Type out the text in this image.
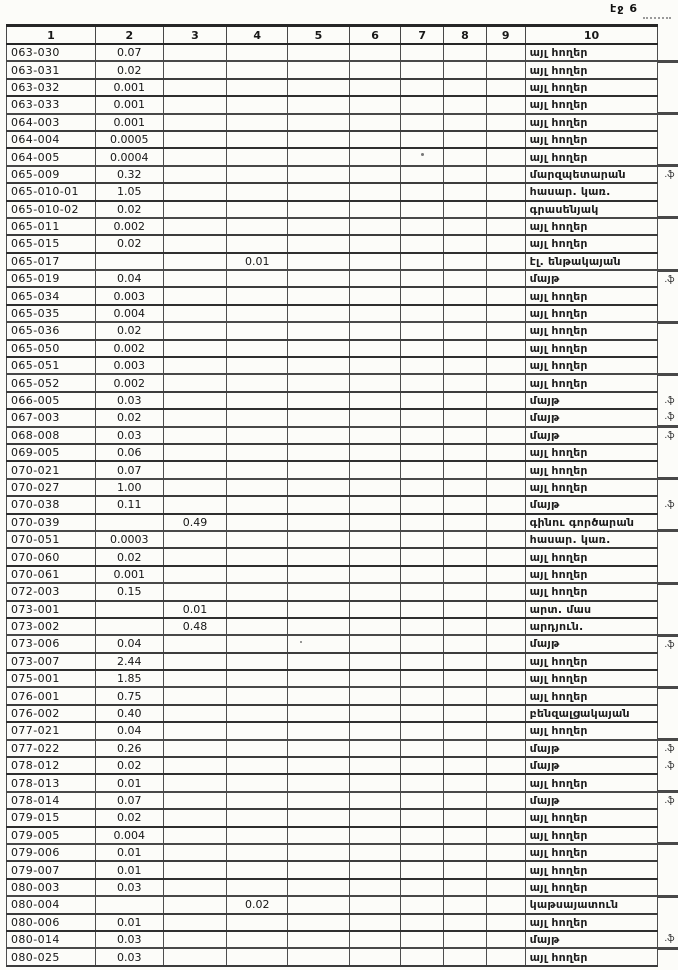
էջ 6
1	2	3	4	5	6	7	8	9	10	
063-030	0.07								այլ հողեր	
063-031	0.02								այլ հողեր	
063-032	0.001								այլ հողեր	
063-033	0.001								այլ հողեր	
064-003	0.001								այլ հողեր	
064-004	0.0005								այլ հողեր	
064-005	0.0004								այլ հողեր	
065-009	0.32								մարզպետարան	.ֆ
065-010-01	1.05								հասար. կառ.	
065-010-02	0.02								գրասենյակ	
065-011	0.002								այլ հողեր	
065-015	0.02								այլ հողեր	
065-017			0.01						էլ. ենթակայան	
065-019	0.04								մայթ	.ֆ
065-034	0.003								այլ հողեր	
065-035	0.004								այլ հողեր	
065-036	0.02								այլ հողեր	
065-050	0.002								այլ հողեր	
065-051	0.003								այլ հողեր	
065-052	0.002								այլ հողեր	
066-005	0.03								մայթ	.ֆ
067-003	0.02								մայթ	.ֆ
068-008	0.03								մայթ	.ֆ
069-005	0.06								այլ հողեր	
070-021	0.07								այլ հողեր	
070-027	1.00								այլ հողեր	
070-038	0.11								մայթ	.ֆ
070-039		0.49							գինու գործարան	
070-051	0.0003								հասար. կառ.	
070-060	0.02								այլ հողեր	
070-061	0.001								այլ հողեր	
072-003	0.15								այլ հողեր	
073-001		0.01							արտ. մաս	
073-002		0.48							արդյուն.	
073-006	0.04								մայթ	.ֆ
073-007	2.44								այլ հողեր	
075-001	1.85								այլ հողեր	
076-001	0.75								այլ հողեր	
076-002	0.40								բենզալցակայան	
077-021	0.04								այլ հողեր	
077-022	0.26								մայթ	.ֆ
078-012	0.02								մայթ	.ֆ
078-013	0.01								այլ հողեր	
078-014	0.07								մայթ	.ֆ
079-015	0.02								այլ հողեր	
079-005	0.004								այլ հողեր	
079-006	0.01								այլ հողեր	
079-007	0.01								այլ հողեր	
080-003	0.03								այլ հողեր	
080-004			0.02						կաթսայատուն	
080-006	0.01								այլ հողեր	
080-014	0.03								մայթ	.ֆ
080-025	0.03								այլ հողեր	
